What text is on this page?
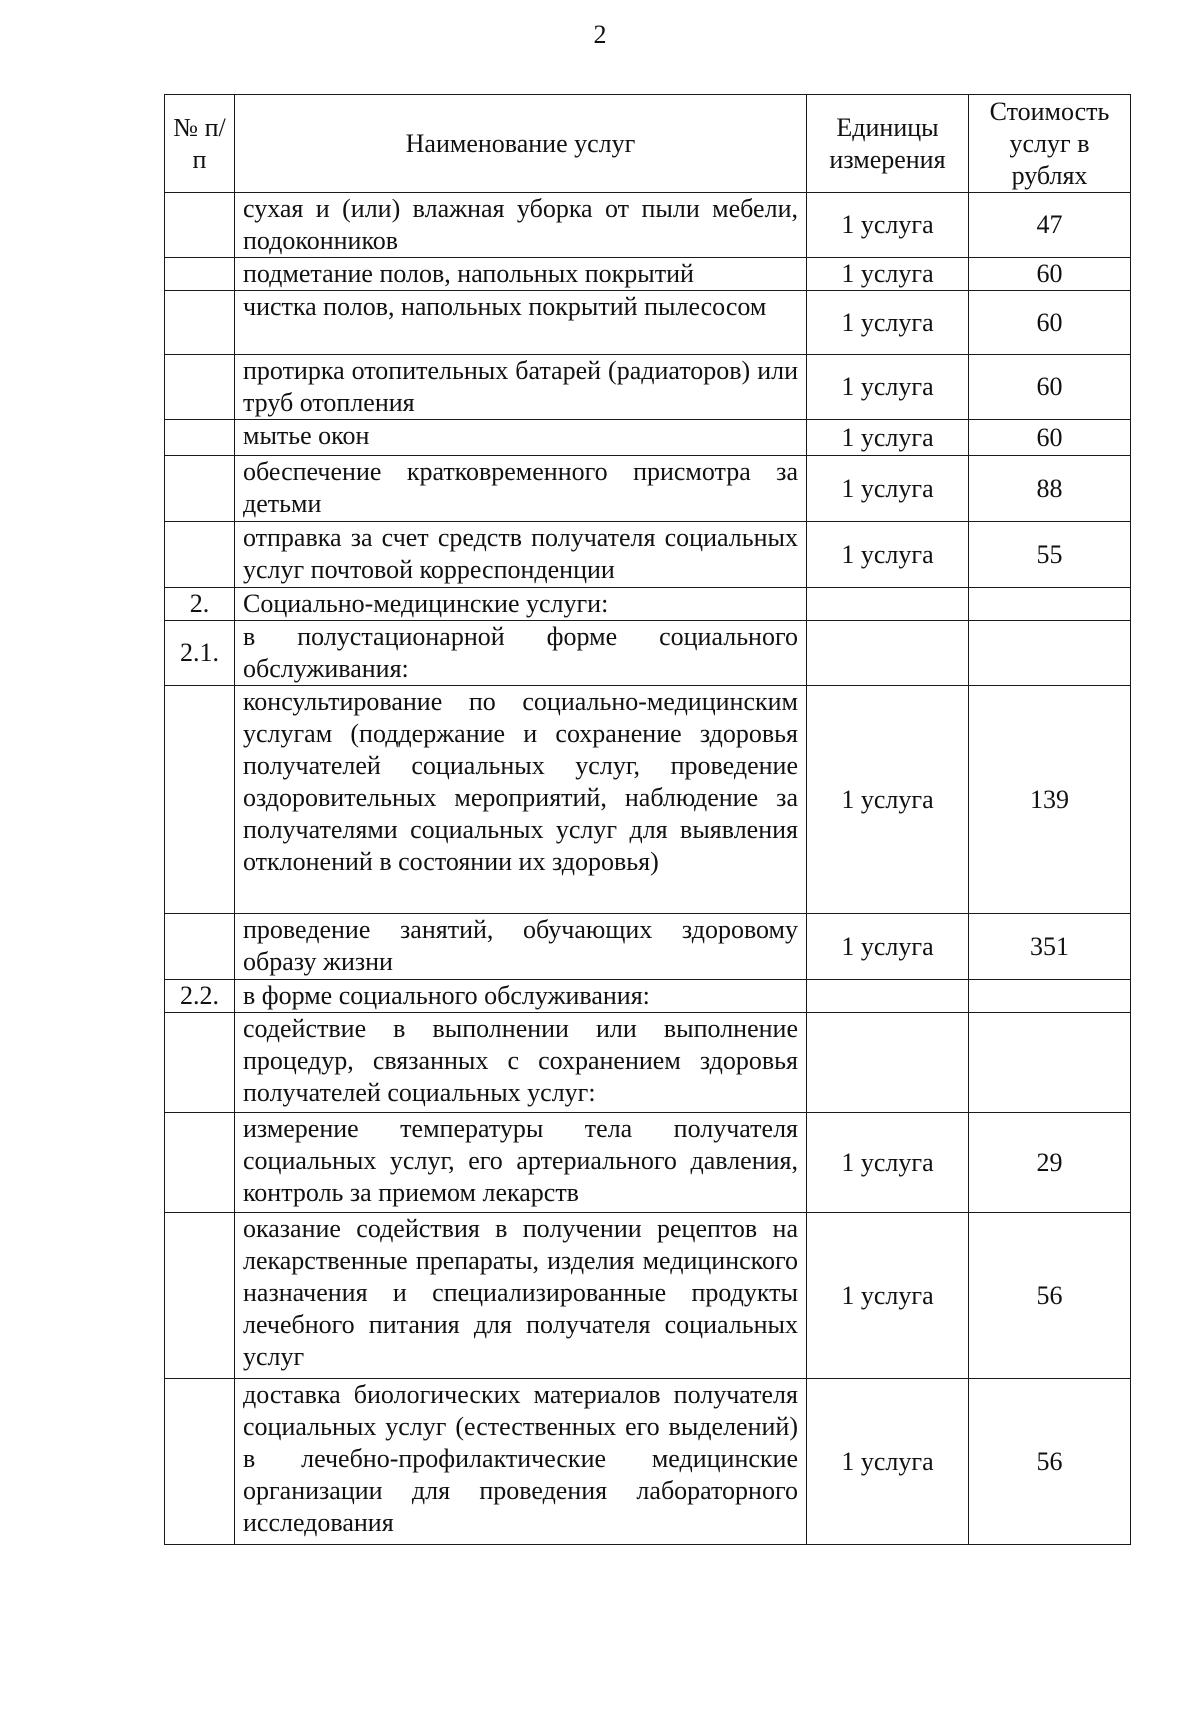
2
№ п/п	Наименование услуг	Единицы измерения	Стоимость услуг в рублях
	сухая и (или) влажная уборка от пыли мебели, подоконников	1 услуга	47
	подметание полов, напольных покрытий	1 услуга	60
	чистка полов, напольных покрытий пылесосом	1 услуга	60
	протирка отопительных батарей (радиаторов) или труб отопления	1 услуга	60
	мытье окон	1 услуга	60
	обеспечение кратковременного присмотра за детьми	1 услуга	88
	отправка за счет средств получателя социальных услуг почтовой корреспонденции	1 услуга	55
2.	Социально-медицинские услуги:		
2.1.	в полустационарной форме социального обслуживания:		
	консультирование по социально-медицинским услугам (поддержание и сохранение здоровья получателей социальных услуг, проведение оздоровительных мероприятий, наблюдение за получателями социальных услуг для выявления отклонений в состоянии их здоровья)	1 услуга	139
	проведение занятий, обучающих здоровому образу жизни	1 услуга	351
2.2.	в форме социального обслуживания:		
	содействие в выполнении или выполнение процедур, связанных с сохранением здоровья получателей социальных услуг:		
	измерение температуры тела получателя социальных услуг, его артериального давления, контроль за приемом лекарств	1 услуга	29
	оказание содействия в получении рецептов на лекарственные препараты, изделия медицинского назначения и специализированные продукты лечебного питания для получателя социальных услуг	1 услуга	56
	доставка биологических материалов получателя социальных услуг (естественных его выделений) в лечебно-профилактические медицинские организации для проведения лабораторного исследования	1 услуга	56
